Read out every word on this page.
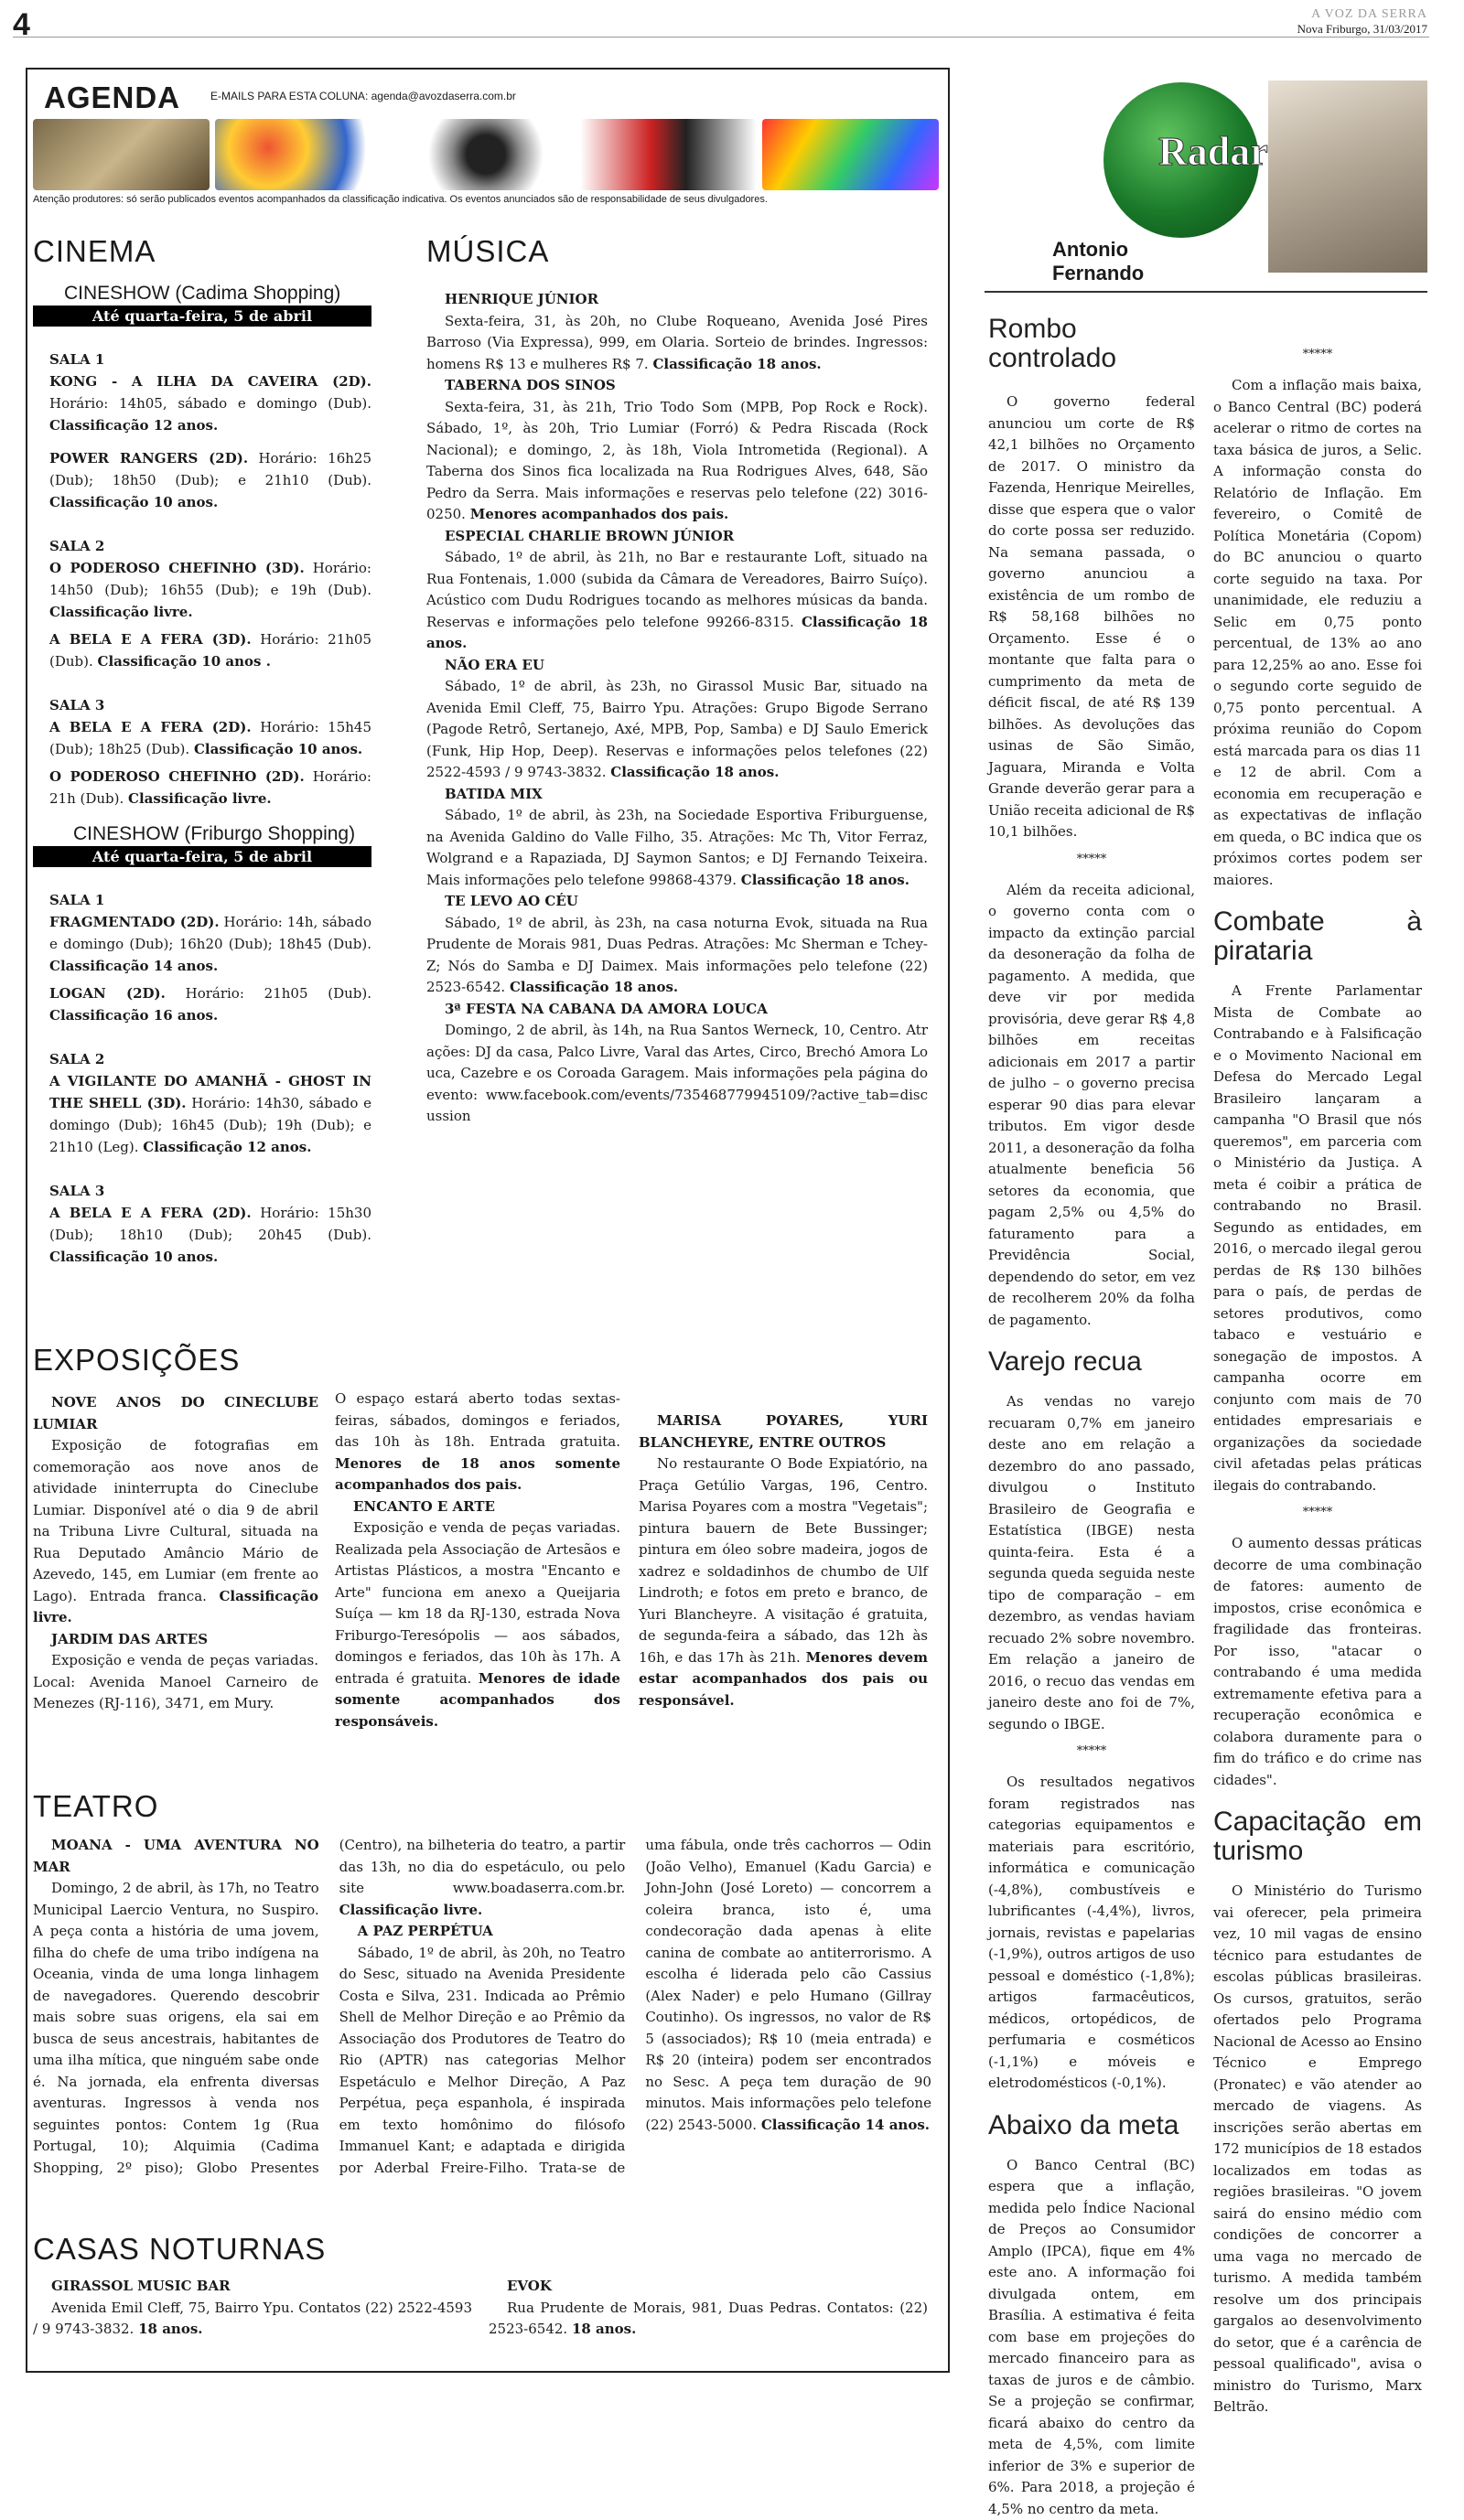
4	A VOZ DA SERRA
Nova Friburgo, 31/03/2017
AGENDA	E-MAILS PARA ESTA COLUNA: agenda@avozdaserra.com.br
Atenção produtores: só serão publicados eventos acompanhados da classificação indicativa. Os eventos anunciados são de responsabilidade de seus divulgadores.
CINEMA
CINESHOW (Cadima Shopping)
Até quarta-feira, 5 de abril

SALA 1

KONG - A ILHA DA CAVEIRA (2D). Horário: 14h05, sábado e domingo (Dub). Classificação 12 anos.

POWER RANGERS (2D). Horário: 16h25 (Dub); 18h50 (Dub); e 21h10 (Dub). Classificação 10 anos.

SALA 2

O PODEROSO CHEFINHO (3D). Horário: 14h50 (Dub); 16h55 (Dub); e 19h (Dub). Classificação livre.

A BELA E A FERA (3D). Horário: 21h05 (Dub). Classificação 10 anos .

SALA 3

A BELA E A FERA (2D). Horário: 15h45 (Dub); 18h25 (Dub). Classificação 10 anos.

O PODEROSO CHEFINHO (2D). Horário: 21h (Dub). Classificação livre.

CINESHOW (Friburgo Shopping)
Até quarta-feira, 5 de abril

SALA 1

FRAGMENTADO (2D). Horário: 14h, sábado e domingo (Dub); 16h20 (Dub); 18h45 (Dub). Classificação 14 anos.

LOGAN (2D). Horário: 21h05 (Dub). Classificação 16 anos.

SALA 2

A VIGILANTE DO AMANHÃ - GHOST IN THE SHELL (3D). Horário: 14h30, sábado e domingo (Dub); 16h45 (Dub); 19h (Dub); e 21h10 (Leg). Classificação 12 anos.

SALA 3

A BELA E A FERA (2D). Horário: 15h30 (Dub); 18h10 (Dub); 20h45 (Dub). Classificação 10 anos.

MÚSICA

HENRIQUE JÚNIOR

Sexta-feira, 31, às 20h, no Clube Roqueano, Avenida José Pires Barroso (Via Expressa), 999, em Olaria. Sorteio de brindes. Ingressos: homens R$ 13 e mulheres R$ 7. Classificação 18 anos.

TABERNA DOS SINOS

Sexta-feira, 31, às 21h, Trio Todo Som (MPB, Pop Rock e Rock). Sábado, 1º, às 20h, Trio Lumiar (Forró) & Pedra Riscada (Rock Nacional); e domingo, 2, às 18h, Viola Intrometida (Regional). A Taberna dos Sinos fica localizada na Rua Rodrigues Alves, 648, São Pedro da Serra. Mais informações e reservas pelo telefone (22) 3016-0250. Menores acompanhados dos pais.

ESPECIAL CHARLIE BROWN JÚNIOR

Sábado, 1º de abril, às 21h, no Bar e restaurante Loft, situado na Rua Fontenais, 1.000 (subida da Câmara de Vereadores, Bairro Suíço). Acústico com Dudu Rodrigues tocando as melhores músicas da banda. Reservas e informações pelo telefone 99266-8315. Classificação 18 anos.

NÃO ERA EU

Sábado, 1º de abril, às 23h, no Girassol Music Bar, situado na Avenida Emil Cleff, 75, Bairro Ypu. Atrações: Grupo Bigode Serrano (Pagode Retrô, Sertanejo, Axé, MPB, Pop, Samba) e DJ Saulo Emerick (Funk, Hip Hop, Deep). Reservas e informações pelos telefones (22) 2522-4593 / 9 9743-3832. Classificação 18 anos.

BATIDA MIX

Sábado, 1º de abril, às 23h, na Sociedade Esportiva Friburguense, na Avenida Galdino do Valle Filho, 35. Atrações: Mc Th, Vitor Ferraz, Wolgrand e a Rapaziada, DJ Saymon Santos; e DJ Fernando Teixeira. Mais informações pelo telefone 99868-4379. Classificação 18 anos.

TE LEVO AO CÉU

Sábado, 1º de abril, às 23h, na casa noturna Evok, situada na Rua Prudente de Morais 981, Duas Pedras. Atrações: Mc Sherman e Tchey-Z; Nós do Samba e DJ Daimex. Mais informações pelo telefone (22) 2523-6542. Classificação 18 anos.

3ª FESTA NA CABANA DA AMORA LOUCA

Domingo, 2 de abril, às 14h, na Rua Santos Werneck, 10, Centro. Atrações: DJ da casa, Palco Livre, Varal das Artes, Circo, Brechó Amora Louca, Cazebre e os Coroada Garagem. Mais informações pela página do evento: www.facebook.com/events/735468779945109/?active_tab=discussion

EXPOSIÇÕES

NOVE ANOS DO CINECLUBE LUMIAR

Exposição de fotografias em comemoração aos nove anos de atividade ininterrupta do Cineclube Lumiar. Disponível até o dia 9 de abril na Tribuna Livre Cultural, situada na Rua Deputado Amâncio Mário de Azevedo, 145, em Lumiar (em frente ao Lago). Entrada franca. Classificação livre.

JARDIM DAS ARTES

Exposição e venda de peças variadas. Local: Avenida Manoel Carneiro de Menezes (RJ-116), 3471, em Mury.

O espaço estará aberto todas sextas-feiras, sábados, domingos e feriados, das 10h às 18h. Entrada gratuita. Menores de 18 anos somente acompanhados dos pais.

ENCANTO E ARTE

Exposição e venda de peças variadas. Realizada pela Associação de Artesãos e Artistas Plásticos, a mostra "Encanto e Arte" funciona em anexo a Queijaria Suíça — km 18 da RJ-130, estrada Nova Friburgo-Teresópolis — aos sábados, domingos e feriados, das 10h às 17h. A entrada é gratuita. Menores de idade somente acompanhados dos responsáveis.

MARISA POYARES, YURI BLANCHEYRE, ENTRE OUTROS

No restaurante O Bode Expiatório, na Praça Getúlio Vargas, 196, Centro. Marisa Poyares com a mostra "Vegetais"; pintura bauern de Bete Bussinger; pintura em óleo sobre madeira, jogos de xadrez e soldadinhos de chumbo de Ulf Lindroth; e fotos em preto e branco, de Yuri Blancheyre. A visitação é gratuita, de segunda-feira a sábado, das 12h às 16h, e das 17h às 21h. Menores devem estar acompanhados dos pais ou responsável.

TEATRO

MOANA - UMA AVENTURA NO MAR

Domingo, 2 de abril, às 17h, no Teatro Municipal Laercio Ventura, no Suspiro. A peça conta a história de uma jovem, filha do chefe de uma tribo indígena na Oceania, vinda de uma longa linhagem de navegadores. Querendo descobrir mais sobre suas origens, ela sai em busca de seus ancestrais, habitantes de uma ilha mítica, que ninguém sabe onde é. Na jornada, ela enfrenta diversas aventuras. Ingressos à venda nos seguintes pontos: Contem 1g (Rua Portugal, 10); Alquimia (Cadima Shopping, 2º piso); Globo Presentes (Centro), na bilheteria do teatro, a partir das 13h, no dia do espetáculo, ou pelo site www.boadaserra.com.br. Classificação livre.

A PAZ PERPÉTUA

Sábado, 1º de abril, às 20h, no Teatro do Sesc, situado na Avenida Presidente Costa e Silva, 231. Indicada ao Prêmio Shell de Melhor Direção e ao Prêmio da Associação dos Produtores de Teatro do Rio (APTR) nas categorias Melhor Espetáculo e Melhor Direção, A Paz Perpétua, peça espanhola, é inspirada em texto homônimo do filósofo Immanuel Kant; e adaptada e dirigida por Aderbal Freire-Filho. Trata-se de uma fábula, onde três cachorros — Odin (João Velho), Emanuel (Kadu Garcia) e John-John (José Loreto) — concorrem a coleira branca, isto é, uma condecoração dada apenas à elite canina de combate ao antiterrorismo. A escolha é liderada pelo cão Cassius (Alex Nader) e pelo Humano (Gillray Coutinho). Os ingressos, no valor de R$ 5 (associados); R$ 10 (meia entrada) e R$ 20 (inteira) podem ser encontrados no Sesc. A peça tem duração de 90 minutos. Mais informações pelo telefone (22) 2543-5000. Classificação 14 anos.

CASAS NOTURNAS

GIRASSOL MUSIC BAR

Avenida Emil Cleff, 75, Bairro Ypu. Contatos (22) 2522-4593 / 9 9743-3832. 18 anos.

EVOK

Rua Prudente de Morais, 981, Duas Pedras. Contatos: (22) 2523-6542. 18 anos.

Radar
Antonio
Fernando
Rombo controlado

O governo federal anunciou um corte de R$ 42,1 bilhões no Orçamento de 2017. O ministro da Fazenda, Henrique Meirelles, disse que espera que o valor do corte possa ser reduzido. Na semana passada, o governo anunciou a existência de um rombo de R$ 58,168 bilhões no Orçamento. Esse é o montante que falta para o cumprimento da meta de déficit fiscal, de até R$ 139 bilhões. As devoluções das usinas de São Simão, Jaguara, Miranda e Volta Grande deverão gerar para a União receita adicional de R$ 10,1 bilhões.

*****

Além da receita adicional, o governo conta com o impacto da extinção parcial da desoneração da folha de pagamento. A medida, que deve vir por medida provisória, deve gerar R$ 4,8 bilhões em receitas adicionais em 2017 a partir de julho – o governo precisa esperar 90 dias para elevar tributos. Em vigor desde 2011, a desoneração da folha atualmente beneficia 56 setores da economia, que pagam 2,5% ou 4,5% do faturamento para a Previdência Social, dependendo do setor, em vez de recolherem 20% da folha de pagamento.

Varejo recua

As vendas no varejo recuaram 0,7% em janeiro deste ano em relação a dezembro do ano passado, divulgou o Instituto Brasileiro de Geografia e Estatística (IBGE) nesta quinta-feira. Esta é a segunda queda seguida neste tipo de comparação – em dezembro, as vendas haviam recuado 2% sobre novembro. Em relação a janeiro de 2016, o recuo das vendas em janeiro deste ano foi de 7%, segundo o IBGE.

*****

Os resultados negativos foram registrados nas categorias equipamentos e materiais para escritório, informática e comunicação (-4,8%), combustíveis e lubrificantes (-4,4%), livros, jornais, revistas e papelarias (-1,9%), outros artigos de uso pessoal e doméstico (-1,8%); artigos farmacêuticos, médicos, ortopédicos, de perfumaria e cosméticos (-1,1%) e móveis e eletrodomésticos (-0,1%).

Abaixo da meta

O Banco Central (BC) espera que a inflação, medida pelo Índice Nacional de Preços ao Consumidor Amplo (IPCA), fique em 4% este ano. A informação foi divulgada ontem, em Brasília. A estimativa é feita com base em projeções do mercado financeiro para as taxas de juros e de câmbio. Se a projeção se confirmar, ficará abaixo do centro da meta de 4,5%, com limite inferior de 3% e superior de 6%. Para 2018, a projeção é 4,5% no centro da meta.

*****

Com a inflação mais baixa, o Banco Central (BC) poderá acelerar o ritmo de cortes na taxa básica de juros, a Selic. A informação consta do Relatório de Inflação. Em fevereiro, o Comitê de Política Monetária (Copom) do BC anunciou o quarto corte seguido na taxa. Por unanimidade, ele reduziu a Selic em 0,75 ponto percentual, de 13% ao ano para 12,25% ao ano. Esse foi o segundo corte seguido de 0,75 ponto percentual. A próxima reunião do Copom está marcada para os dias 11 e 12 de abril. Com a economia em recuperação e as expectativas de inflação em queda, o BC indica que os próximos cortes podem ser maiores.

Combate à pirataria

A Frente Parlamentar Mista de Combate ao Contrabando e à Falsificação e o Movimento Nacional em Defesa do Mercado Legal Brasileiro lançaram a campanha "O Brasil que nós queremos", em parceria com o Ministério da Justiça. A meta é coibir a prática de contrabando no Brasil. Segundo as entidades, em 2016, o mercado ilegal gerou perdas de R$ 130 bilhões para o país, de perdas de setores produtivos, como tabaco e vestuário e sonegação de impostos. A campanha ocorre em conjunto com mais de 70 entidades empresariais e organizações da sociedade civil afetadas pelas práticas ilegais do contrabando.

*****

O aumento dessas práticas decorre de uma combinação de fatores: aumento de impostos, crise econômica e fragilidade das fronteiras. Por isso, "atacar o contrabando é uma medida extremamente efetiva para a recuperação econômica e colabora duramente para o fim do tráfico e do crime nas cidades".

Capacitação em turismo

O Ministério do Turismo vai oferecer, pela primeira vez, 10 mil vagas de ensino técnico para estudantes de escolas públicas brasileiras. Os cursos, gratuitos, serão ofertados pelo Programa Nacional de Acesso ao Ensino Técnico e Emprego (Pronatec) e vão atender ao mercado de viagens. As inscrições serão abertas em 172 municípios de 18 estados localizados em todas as regiões brasileiras. "O jovem sairá do ensino médio com condições de concorrer a uma vaga no mercado de turismo. A medida também resolve um dos principais gargalos ao desenvolvimento do setor, que é a carência de pessoal qualificado", avisa o ministro do Turismo, Marx Beltrão.
